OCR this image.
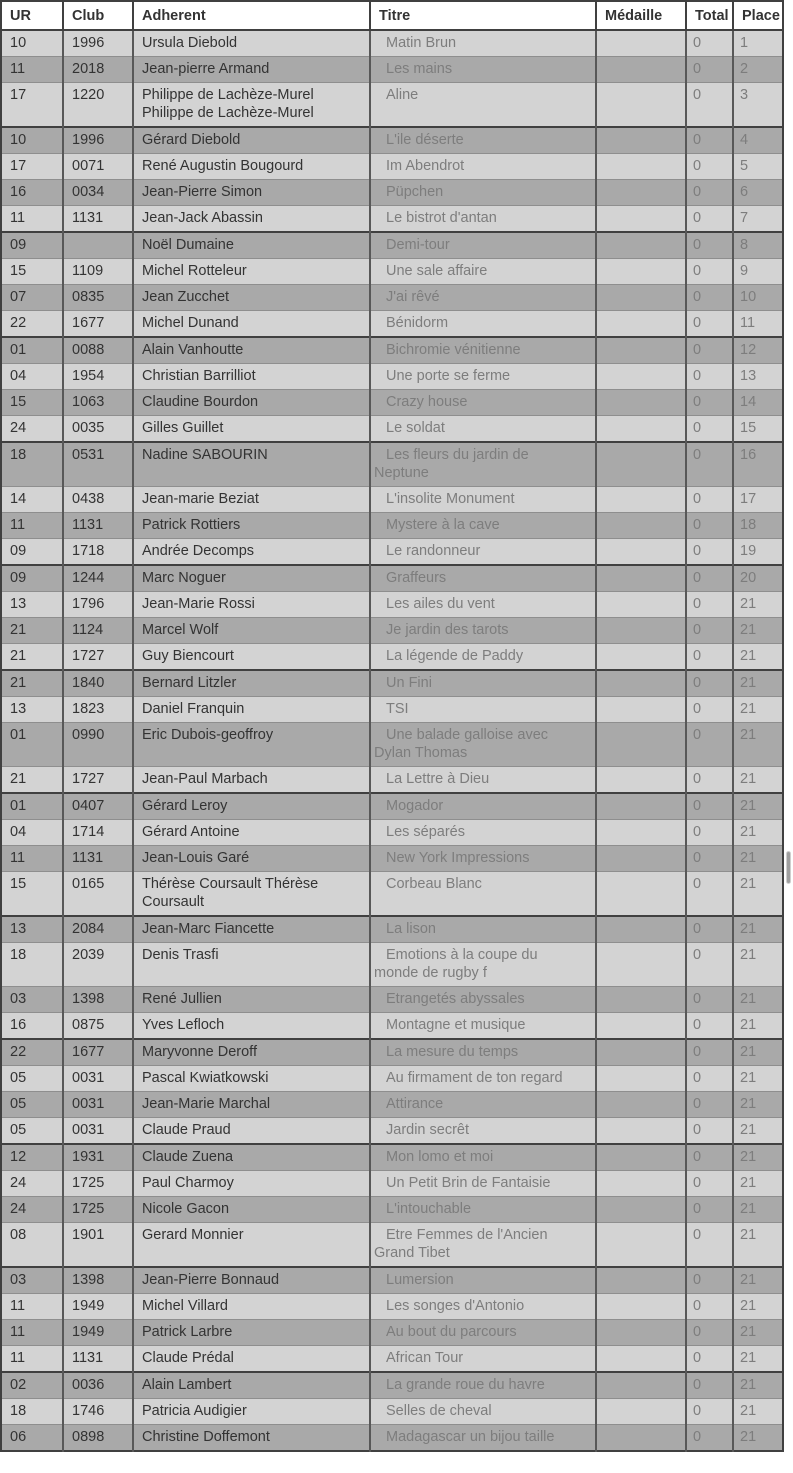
UR	Club	Adherent	Titre	Médaille	Total	Place
10	1996	Ursula Diebold	Matin Brun		0	1
11	2018	Jean-pierre Armand	Les mains		0	2
17	1220	Philippe de Lachèze-Murel Philippe de Lachèze-Murel	Aline		0	3
10	1996	Gérard Diebold	L'ile déserte		0	4
17	0071	René Augustin Bougourd	Im Abendrot		0	5
16	0034	Jean-Pierre Simon	Püpchen		0	6
11	1131	Jean-Jack Abassin	Le bistrot d'antan		0	7
09		Noël Dumaine	Demi-tour		0	8
15	1109	Michel Rotteleur	Une sale affaire		0	9
07	0835	Jean Zucchet	J'ai rêvé		0	10
22	1677	Michel Dunand	Bénidorm		0	11
01	0088	Alain Vanhoutte	Bichromie vénitienne		0	12
04	1954	Christian Barrilliot	Une porte se ferme		0	13
15	1063	Claudine Bourdon	Crazy house		0	14
24	0035	Gilles Guillet	Le soldat		0	15
18	0531	Nadine SABOURIN	Les fleurs du jardin de Neptune		0	16
14	0438	Jean-marie Beziat	L'insolite Monument		0	17
11	1131	Patrick Rottiers	Mystere à la cave		0	18
09	1718	Andrée Decomps	Le randonneur		0	19
09	1244	Marc Noguer	Graffeurs		0	20
13	1796	Jean-Marie Rossi	Les ailes du vent		0	21
21	1124	Marcel Wolf	Je jardin des tarots		0	21
21	1727	Guy Biencourt	La légende de Paddy		0	21
21	1840	Bernard Litzler	Un Fini		0	21
13	1823	Daniel Franquin	TSI		0	21
01	0990	Eric Dubois-geoffroy	Une balade galloise avec Dylan Thomas		0	21
21	1727	Jean-Paul Marbach	La Lettre à Dieu		0	21
01	0407	Gérard Leroy	Mogador		0	21
04	1714	Gérard Antoine	Les séparés		0	21
11	1131	Jean-Louis Garé	New York Impressions		0	21
15	0165	Thérèse Coursault Thérèse Coursault	Corbeau Blanc		0	21
13	2084	Jean-Marc Fiancette	La lison		0	21
18	2039	Denis Trasfi	Emotions à la coupe du monde de rugby f		0	21
03	1398	René Jullien	Etrangetés abyssales		0	21
16	0875	Yves Lefloch	Montagne et musique		0	21
22	1677	Maryvonne Deroff	La mesure du temps		0	21
05	0031	Pascal Kwiatkowski	Au firmament de ton regard		0	21
05	0031	Jean-Marie Marchal	Attirance		0	21
05	0031	Claude Praud	Jardin secrêt		0	21
12	1931	Claude Zuena	Mon lomo et moi		0	21
24	1725	Paul Charmoy	Un Petit Brin de Fantaisie		0	21
24	1725	Nicole Gacon	L'intouchable		0	21
08	1901	Gerard Monnier	Etre Femmes de l'Ancien Grand Tibet		0	21
03	1398	Jean-Pierre Bonnaud	Lumersion		0	21
11	1949	Michel Villard	Les songes d'Antonio		0	21
11	1949	Patrick Larbre	Au bout du parcours		0	21
11	1131	Claude Prédal	African Tour		0	21
02	0036	Alain Lambert	La grande roue du havre		0	21
18	1746	Patricia Audigier	Selles de cheval		0	21
06	0898	Christine Doffemont	Madagascar un bijou taille		0	21
